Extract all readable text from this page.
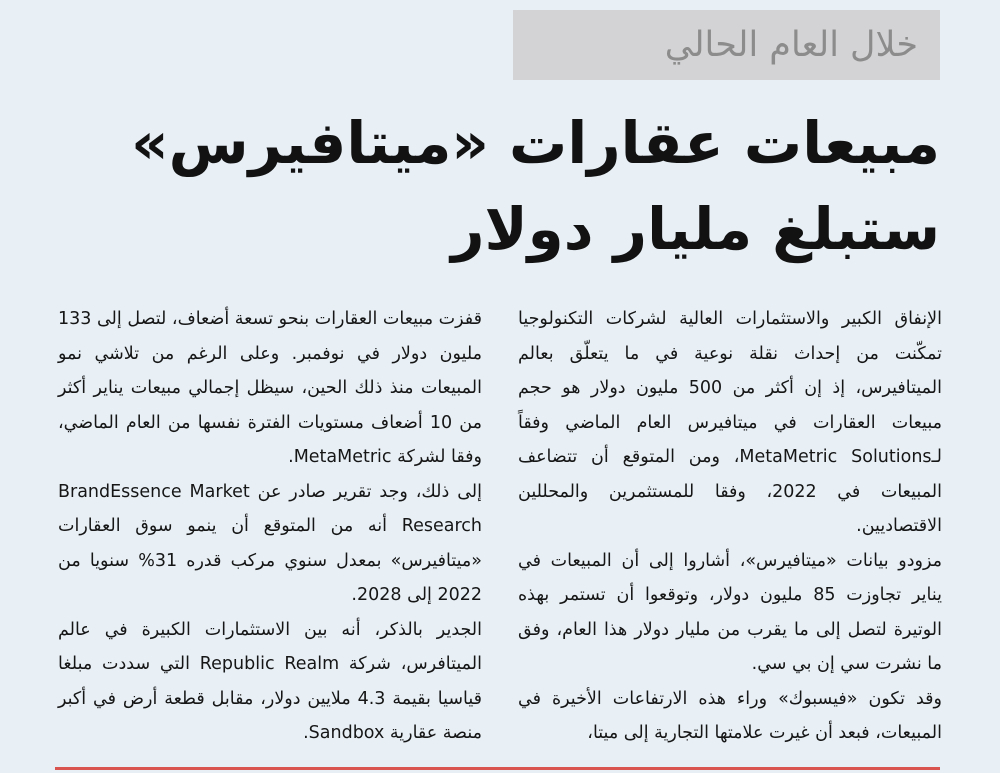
خلال العام الحالي
مبيعات عقارات «ميتافيرس»
ستبلغ مليار دولار

الإنفاق الكبير والاستثمارات العالية لشركات التكنولوجيا تمكّنت من إحداث نقلة نوعية في ما يتعلّق بعالم الميتافيرس، إذ إن أكثر من 500 مليون دولار هو حجم مبيعات العقارات في ميتافيرس العام الماضي وفقاً لـMetaMetric Solutions، ومن المتوقع أن تتضاعف المبيعات في 2022، وفقا للمستثمرين والمحللين الاقتصاديين.

مزودو بيانات «ميتافيرس»، أشاروا إلى أن المبيعات في يناير تجاوزت 85 مليون دولار، وتوقعوا أن تستمر بهذه الوتيرة لتصل إلى ما يقرب من مليار دولار هذا العام، وفق ما نشرت سي إن بي سي.

وقد تكون «فيسبوك» وراء هذه الارتفاعات الأخيرة في المبيعات، فبعد أن غيرت علامتها التجارية إلى ميتا،

قفزت مبيعات العقارات بنحو تسعة أضعاف، لتصل إلى 133 مليون دولار في نوفمبر. وعلى الرغم من تلاشي نمو المبيعات منذ ذلك الحين، سيظل إجمالي مبيعات يناير أكثر من 10 أضعاف مستويات الفترة نفسها من العام الماضي، وفقا لشركة MetaMetric.

إلى ذلك، وجد تقرير صادر عن BrandEssence Market Research أنه من المتوقع أن ينمو سوق العقارات «ميتافيرس» بمعدل سنوي مركب قدره 31% سنويا من 2022 إلى 2028.

الجدير بالذكر، أنه بين الاستثمارات الكبيرة في عالم الميتافرس، شركة Republic Realm التي سددت مبلغا قياسيا بقيمة 4.3 ملايين دولار، مقابل قطعة أرض في أكبر منصة عقارية Sandbox.
